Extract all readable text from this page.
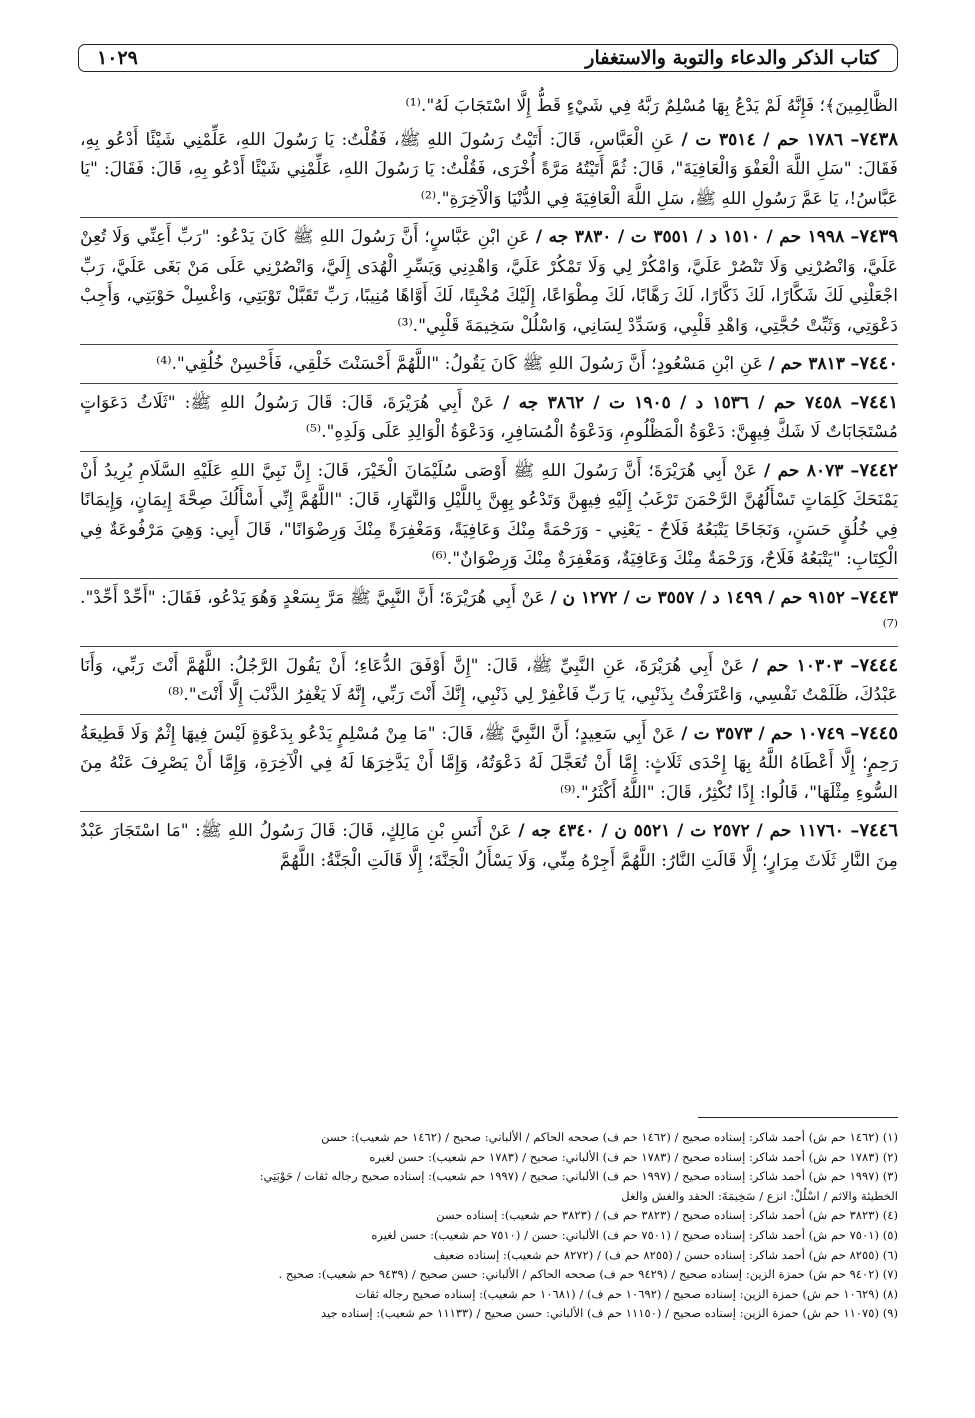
كتاب الذكر والدعاء والتوبة والاستغفار
١٠٢٩
الظَّالِمِينَ﴾؛ فَإِنَّهُ لَمْ يَدْعُ بِهَا مُسْلِمٌ رَبَّهُ فِي شَيْءٍ قَطُّ إِلَّا اسْتَجَابَ لَهُ".⁽¹⁾
٧٤٣٨– ١٧٨٦ حم / ٣٥١٤ ت / عَنِ الْعَبَّاسِ، قَالَ: أَتَيْتُ رَسُولَ اللهِ ﷺ، فَقُلْتُ: يَا رَسُولَ اللهِ، عَلِّمْنِي شَيْئًا أَدْعُو بِهِ، فَقَالَ: "سَلِ اللَّهَ الْعَفْوَ وَالْعَافِيَةَ"، قَالَ: ثُمَّ أَتَيْتُهُ مَرَّةً أُخْرَى، فَقُلْتُ: يَا رَسُولَ اللهِ، عَلِّمْنِي شَيْئًا أَدْعُو بِهِ، قَالَ: فَقَالَ: "يَا عَبَّاسُ!، يَا عَمَّ رَسُولِ اللهِ ﷺ، سَلِ اللَّهَ الْعَافِيَةَ فِي الدُّنْيَا وَالْآخِرَةِ".⁽²⁾
٧٤٣٩– ١٩٩٨ حم / ١٥١٠ د / ٣٥٥١ ت / ٣٨٣٠ جه / عَنِ ابْنِ عَبَّاسٍ؛ أَنَّ رَسُولَ اللهِ ﷺ كَانَ يَدْعُو: "رَبِّ أَعِنِّي وَلَا تُعِنْ عَلَيَّ، وَانْصُرْنِي وَلَا تَنْصُرْ عَلَيَّ، وَامْكُرْ لِي وَلَا تَمْكُرْ عَلَيَّ، وَاهْدِنِي وَيَسِّرِ الْهُدَى إِلَيَّ، وَانْصُرْنِي عَلَى مَنْ بَغَى عَلَيَّ، رَبِّ اجْعَلْنِي لَكَ شَكَّارًا، لَكَ ذَكَّارًا، لَكَ رَهَّابًا، لَكَ مِطْوَاعًا، إِلَيْكَ مُخْبِتًا، لَكَ أَوَّاهًا مُنِيبًا، رَبِّ تَقَبَّلْ تَوْبَتِي، وَاغْسِلْ حَوْبَتِي، وَأَجِبْ دَعْوَتِي، وَثَبِّتْ حُجَّتِي، وَاهْدِ قَلْبِي، وَسَدِّدْ لِسَانِي، وَاسْلُلْ سَخِيمَةَ قَلْبِي".⁽³⁾
٧٤٤٠– ٣٨١٣ حم / عَنِ ابْنِ مَسْعُودٍ؛ أَنَّ رَسُولَ اللهِ ﷺ كَانَ يَقُولُ: "اللَّهُمَّ أَحْسَنْتَ خَلْقِي، فَأَحْسِنْ خُلُقِي".⁽⁴⁾
٧٤٤١– ٧٤٥٨ حم / ١٥٣٦ د / ١٩٠٥ ت / ٣٨٦٢ جه / عَنْ أَبِي هُرَيْرَةَ، قَالَ: قَالَ رَسُولُ اللهِ ﷺ: "ثَلَاثُ دَعَوَاتٍ مُسْتَجَابَاتٌ لَا شَكَّ فِيهِنَّ: دَعْوَةُ الْمَظْلُومِ، وَدَعْوَةُ الْمُسَافِرِ، وَدَعْوَةُ الْوَالِدِ عَلَى وَلَدِهِ".⁽⁵⁾
٧٤٤٢– ٨٠٧٣ حم / عَنْ أَبِي هُرَيْرَةَ؛ أَنَّ رَسُولَ اللهِ ﷺ أَوْصَى سُلَيْمَانَ الْخَيْرَ، قَالَ: إِنَّ نَبِيَّ اللهِ عَلَيْهِ السَّلَامِ يُرِيدُ أَنْ يَمْنَحَكَ كَلِمَاتٍ تَسْأَلُهُنَّ الرَّحْمَنَ تَرْغَبُ إِلَيْهِ فِيهِنَّ وَتَدْعُو بِهِنَّ بِاللَّيْلِ وَالنَّهَارِ، قَالَ: "اللَّهُمَّ إِنِّي أَسْأَلُكَ صِحَّةَ إِيمَانٍ، وَإِيمَانًا فِي خُلُقٍ حَسَنٍ، وَنَجَاحًا يَتْبَعُهُ فَلَاحٌ - يَعْنِي - وَرَحْمَةً مِنْكَ وَعَافِيَةً، وَمَغْفِرَةً مِنْكَ وَرِضْوَانًا"، قَالَ أَبِي: وَهِيَ مَرْفُوعَةٌ فِي الْكِتَابِ: "يَتْبَعُهُ فَلَاحٌ، وَرَحْمَةٌ مِنْكَ وَعَافِيَةٌ، وَمَغْفِرَةٌ مِنْكَ وَرِضْوَانٌ".⁽⁶⁾
٧٤٤٣– ٩١٥٢ حم / ١٤٩٩ د / ٣٥٥٧ ت / ١٢٧٢ ن / عَنْ أَبِي هُرَيْرَةَ؛ أَنَّ النَّبِيَّ ﷺ مَرَّ بِسَعْدٍ وَهُوَ يَدْعُو، فَقَالَ: "أَحِّدْ أَحِّدْ".⁽⁷⁾
٧٤٤٤– ١٠٣٠٣ حم / عَنْ أَبِي هُرَيْرَةَ، عَنِ النَّبِيِّ ﷺ، قَالَ: "إِنَّ أَوْفَقَ الدُّعَاءِ؛ أَنْ يَقُولَ الرَّجُلُ: اللَّهُمَّ أَنْتَ رَبِّي، وَأَنَا عَبْدُكَ، ظَلَمْتُ نَفْسِي، وَاعْتَرَفْتُ بِذَنْبِي، يَا رَبِّ فَاغْفِرْ لِي ذَنْبِي، إِنَّكَ أَنْتَ رَبِّي، إِنَّهُ لَا يَغْفِرُ الذَّنْبَ إِلَّا أَنْتَ".⁽⁸⁾
٧٤٤٥– ١٠٧٤٩ حم / ٣٥٧٣ ت / عَنْ أَبِي سَعِيدٍ؛ أَنَّ النَّبِيَّ ﷺ، قَالَ: "مَا مِنْ مُسْلِمٍ يَدْعُو بِدَعْوَةٍ لَيْسَ فِيهَا إِثْمٌ وَلَا قَطِيعَةُ رَحِمٍ؛ إِلَّا أَعْطَاهُ اللَّهُ بِهَا إِحْدَى ثَلَاثٍ: إِمَّا أَنْ تُعَجَّلَ لَهُ دَعْوَتُهُ، وَإِمَّا أَنْ يَدَّخِرَهَا لَهُ فِي الْآخِرَةِ، وَإِمَّا أَنْ يَصْرِفَ عَنْهُ مِنَ السُّوءِ مِثْلَهَا"، قَالُوا: إِذًا نُكْثِرُ، قَالَ: "اللَّهُ أَكْثَرُ".⁽⁹⁾
٧٤٤٦– ١١٧٦٠ حم / ٢٥٧٢ ت / ٥٥٢١ ن / ٤٣٤٠ جه / عَنْ أَنَسِ بْنِ مَالِكٍ، قَالَ: قَالَ رَسُولُ اللهِ ﷺ: "مَا اسْتَجَارَ عَبْدٌ مِنَ النَّارِ ثَلَاثَ مِرَارٍ؛ إِلَّا قَالَتِ النَّارُ: اللَّهُمَّ أَجِرْهُ مِنِّي، وَلَا يَسْأَلُ الْجَنَّةَ؛ إِلَّا قَالَتِ الْجَنَّةُ: اللَّهُمَّ
(١) (١٤٦٢ حم ش) أحمد شاكر: إسناده صحيح / (١٤٦٢ حم ف) صححه الحاكم / الألباني: صحيح / (١٤٦٢ حم شعيب): حسن
(٢) (١٧٨٣ حم ش) أحمد شاكر: إسناده صحيح / (١٧٨٣ حم ف) الألباني: صحيح / (١٧٨٣ حم شعيب): حسن لغيره
(٣) (١٩٩٧ حم ش) أحمد شاكر: إسناده صحيح / (١٩٩٧ حم ف) الألباني: صحيح / (١٩٩٧ حم شعيب): إسناده صحيح رجاله ثقات / حَوْبَتِي:
الخطيئة والاثم / اسْلُلْ: انزع / سَخِيمَةَ: الحقد والغش والغل
(٤) (٣٨٢٣ حم ش) أحمد شاكر: إسناده صحيح / (٣٨٢٣ حم ف) / (٣٨٢٣ حم شعيب): إسناده حسن
(٥) (٧٥٠١ حم ش) أحمد شاكر: إسناده صحيح / (٧٥٠١ حم ف) الألباني: حسن / (٧٥١٠ حم شعيب): حسن لغيره
(٦) (٨٢٥٥ حم ش) أحمد شاكر: إسناده حسن / (٨٢٥٥ حم ف) / (٨٢٧٢ حم شعيب): إسناده ضعيف
(٧) (٩٤٠٢ حم ش) حمزة الزين: إسناده صحيح / (٩٤٢٩ حم ف) صححه الحاكم / الألباني: حسن صحيح / (٩٤٣٩ حم شعيب): صحيح .
(٨) (١٠٦٢٩ حم ش) حمزة الزين: إسناده صحيح / (١٠٦٩٢ حم ف) / (١٠٦٨١ حم شعيب): إسناده صحيح رجاله ثقات
(٩) (١١٠٧٥ حم ش) حمزة الزين: إسناده صحيح / (١١١٥٠ حم ف) الألباني: حسن صحيح / (١١١٣٣ حم شعيب): إسناده جيد
